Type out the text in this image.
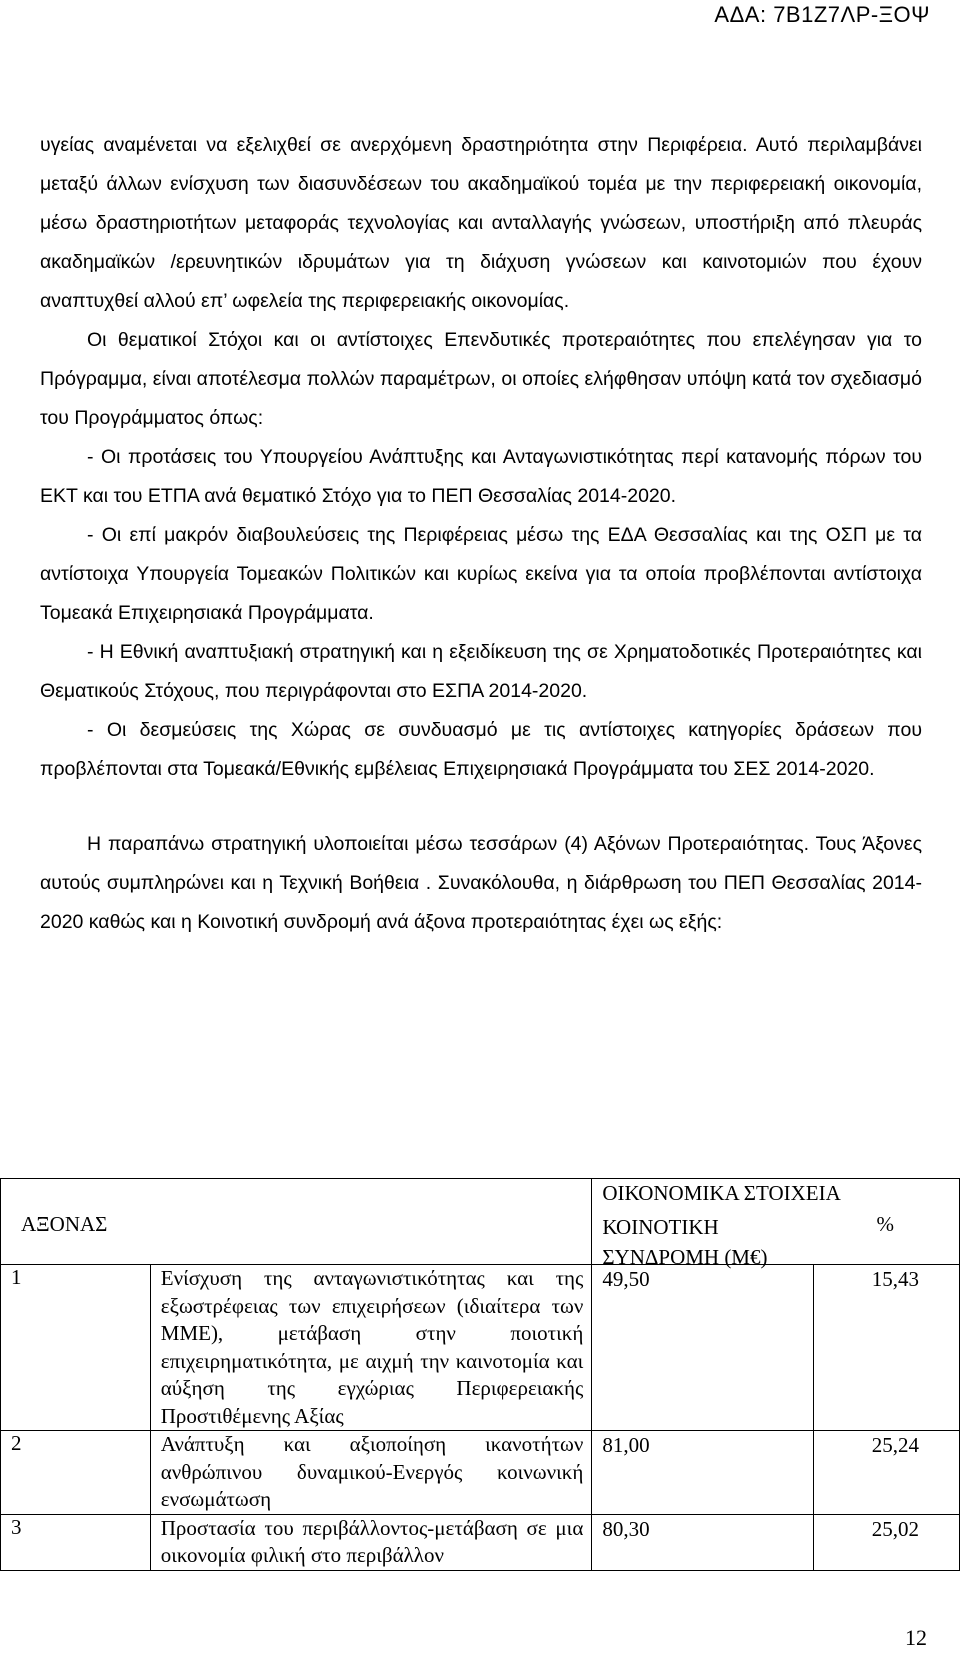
ΑΔΑ: 7Β1Ζ7ΛΡ-ΞΟΨ

υγείας αναμένεται να εξελιχθεί σε ανερχόμενη δραστηριότητα στην Περιφέρεια. Αυτό περιλαμβάνει μεταξύ άλλων ενίσχυση των διασυνδέσεων του ακαδημαϊκού τομέα με την περιφερειακή οικονομία, μέσω δραστηριοτήτων μεταφοράς τεχνολογίας και ανταλλαγής γνώσεων, υποστήριξη από πλευράς ακαδημαϊκών /ερευνητικών ιδρυμάτων για τη διάχυση γνώσεων και καινοτομιών που έχουν αναπτυχθεί αλλού επ’ ωφελεία της περιφερειακής οικονομίας.

Οι θεματικοί Στόχοι και οι αντίστοιχες Επενδυτικές προτεραιότητες που επελέγησαν για το Πρόγραμμα, είναι αποτέλεσμα πολλών παραμέτρων, οι οποίες ελήφθησαν υπόψη κατά τον σχεδιασμό του Προγράμματος όπως:

- Οι προτάσεις του Υπουργείου Ανάπτυξης και Ανταγωνιστικότητας περί κατανομής πόρων του ΕΚΤ και του ΕΤΠΑ ανά θεματικό Στόχο για το ΠΕΠ Θεσσαλίας 2014-2020.

- Οι επί μακρόν διαβουλεύσεις της Περιφέρειας μέσω της ΕΔΑ Θεσσαλίας και της ΟΣΠ με τα αντίστοιχα Υπουργεία Τομεακών Πολιτικών και κυρίως εκείνα για τα οποία προβλέπονται αντίστοιχα Τομεακά Επιχειρησιακά Προγράμματα.

- Η Εθνική αναπτυξιακή στρατηγική και η εξειδίκευση της σε Χρηματοδοτικές Προτεραιότητες και Θεματικούς Στόχους, που περιγράφονται στο ΕΣΠΑ 2014-2020.

- Οι δεσμεύσεις της Χώρας σε συνδυασμό με τις αντίστοιχες κατηγορίες δράσεων που προβλέπονται στα Τομεακά/Εθνικής εμβέλειας Επιχειρησιακά Προγράμματα του ΣΕΣ 2014-2020.

Η παραπάνω στρατηγική υλοποιείται μέσω τεσσάρων (4) Αξόνων Προτεραιότητας. Τους Άξονες αυτούς συμπληρώνει και η Τεχνική Βοήθεια . Συνακόλουθα, η διάρθρωση του ΠΕΠ Θεσσαλίας 2014-2020 καθώς και η Κοινοτική συνδρομή ανά άξονα προτεραιότητας έχει ως εξής:

ΑΞΟΝΑΣ		ΟΙΚΟΝΟΜΙΚΑ ΣΤΟΙΧΕΙΑ
ΚΟΙΝΟΤΙΚΗ ΣΥΝΔΡΟΜΗ (Μ€)
%	

1	Ενίσχυση της ανταγωνιστικότητας και της εξωστρέφειας των επιχειρήσεων (ιδιαίτερα των ΜΜΕ), μετάβαση στην ποιοτική επιχειρηματικότητα, με αιχμή την καινοτομία και αύξηση της εγχώριας Περιφερειακής Προστιθέμενης Αξίας	49,50	15,43
2	Ανάπτυξη και αξιοποίηση ικανοτήτων ανθρώπινου δυναμικού-Ενεργός κοινωνική ενσωμάτωση	81,00	25,24
3	Προστασία του περιβάλλοντος-μετάβαση σε μια οικονομία φιλική στο περιβάλλον	80,30	25,02
12
